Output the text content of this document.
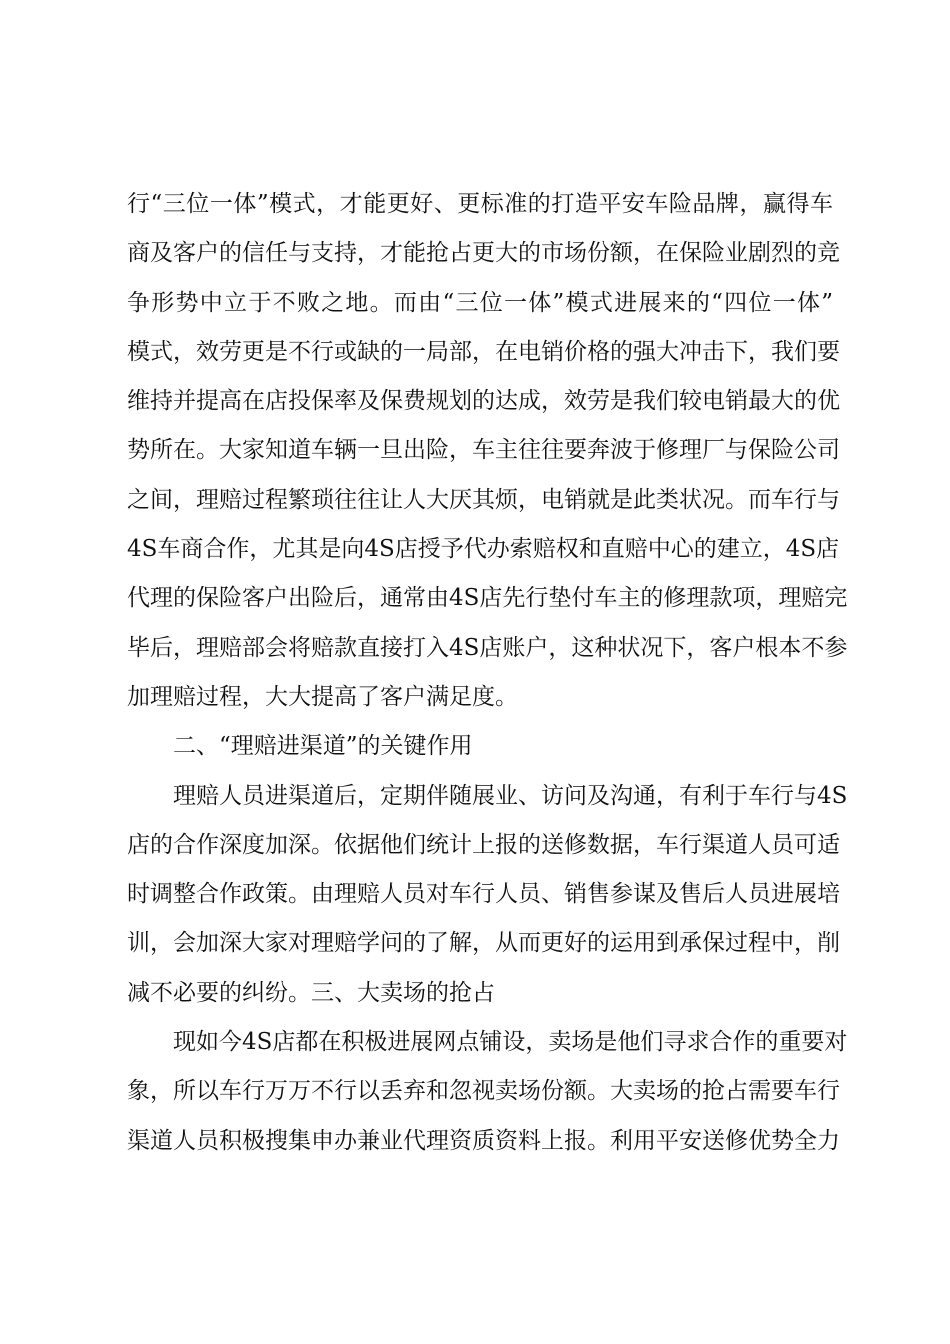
行“三位一体”模式，才能更好、更标准的打造平安车险品牌，赢得车
商及客户的信任与支持，才能抢占更大的市场份额，在保险业剧烈的竞
争形势中立于不败之地。而由“三位一体”模式进展来的“四位一体”
模式，效劳更是不行或缺的一局部，在电销价格的强大冲击下，我们要
维持并提高在店投保率及保费规划的达成，效劳是我们较电销最大的优
势所在。大家知道车辆一旦出险，车主往往要奔波于修理厂与保险公司
之间，理赔过程繁琐往往让人大厌其烦，电销就是此类状况。而车行与
4S车商合作，尤其是向4S店授予代办索赔权和直赔中心的建立，4S店
代理的保险客户出险后，通常由4S店先行垫付车主的修理款项，理赔完
毕后，理赔部会将赔款直接打入4S店账户，这种状况下，客户根本不参
加理赔过程，大大提高了客户满足度。
二、“理赔进渠道”的关键作用
理赔人员进渠道后，定期伴随展业、访问及沟通，有利于车行与4S
店的合作深度加深。依据他们统计上报的送修数据，车行渠道人员可适
时调整合作政策。由理赔人员对车行人员、销售参谋及售后人员进展培
训，会加深大家对理赔学问的了解，从而更好的运用到承保过程中，削
减不必要的纠纷。三、大卖场的抢占
现如今4S店都在积极进展网点铺设，卖场是他们寻求合作的重要对
象，所以车行万万不行以丢弃和忽视卖场份额。大卖场的抢占需要车行
渠道人员积极搜集申办兼业代理资质资料上报。利用平安送修优势全力
